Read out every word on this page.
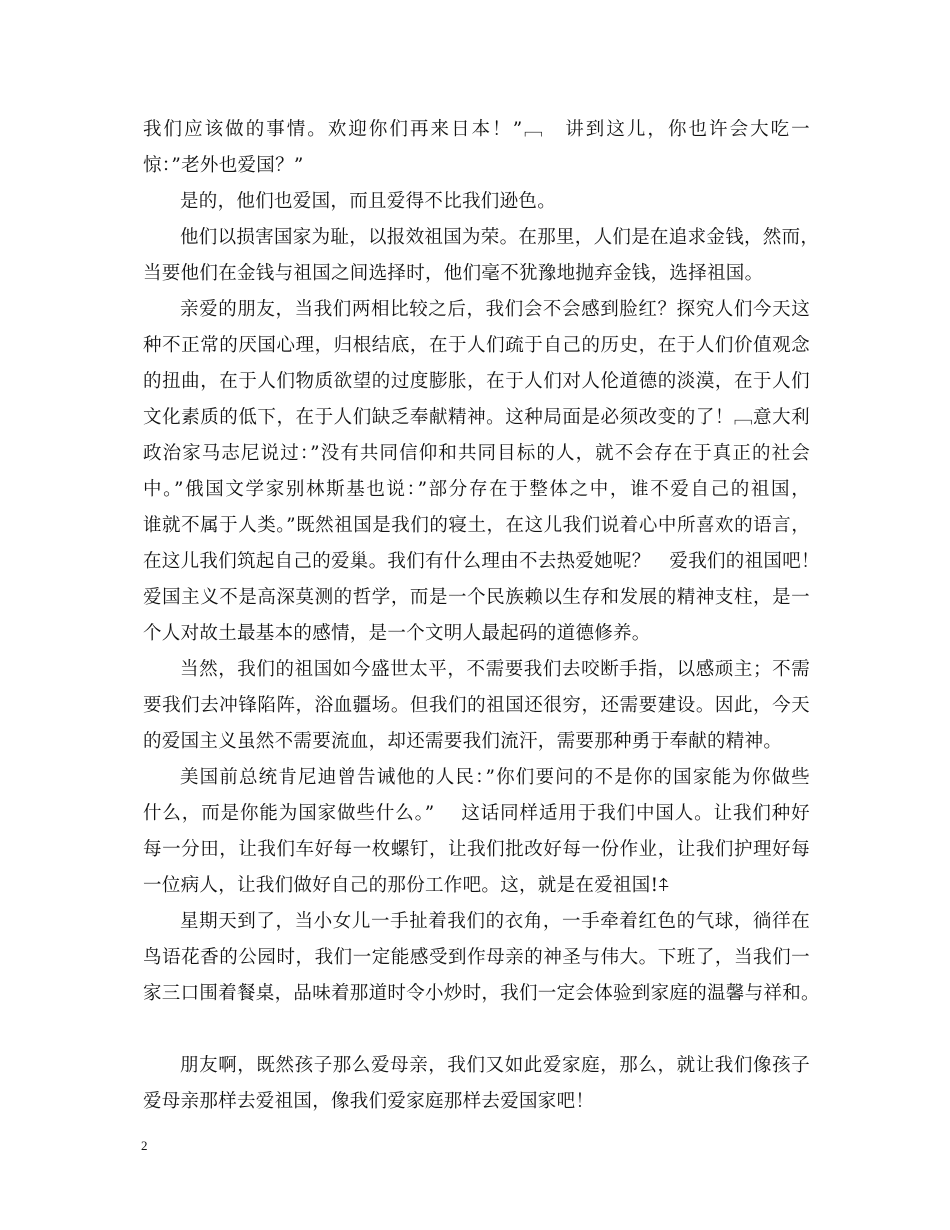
我们应该做的事情。欢迎你们再来日本！”﹇　讲到这儿，你也许会大吃一
惊：”老外也爱国？”
是的，他们也爱国，而且爱得不比我们逊色。
他们以损害国家为耻，以报效祖国为荣。在那里，人们是在追求金钱，然而，
当要他们在金钱与祖国之间选择时，他们毫不犹豫地抛弃金钱，选择祖国。
亲爱的朋友，当我们两相比较之后，我们会不会感到脸红？探究人们今天这
种不正常的厌国心理，归根结底，在于人们疏于自己的历史，在于人们价值观念
的扭曲，在于人们物质欲望的过度膨胀，在于人们对人伦道德的淡漠，在于人们
文化素质的低下，在于人们缺乏奉献精神。这种局面是必须改变的了！﹇意大利
政治家马志尼说过：”没有共同信仰和共同目标的人，就不会存在于真正的社会
中。”俄国文学家别林斯基也说：”部分存在于整体之中，谁不爱自己的祖国，
谁就不属于人类。”既然祖国是我们的寝土，在这儿我们说着心中所喜欢的语言，
在这儿我们筑起自己的爱巢。我们有什么理由不去热爱她呢？　爱我们的祖国吧！
爱国主义不是高深莫测的哲学，而是一个民族赖以生存和发展的精神支柱，是一
个人对故土最基本的感情，是一个文明人最起码的道德修养。
当然，我们的祖国如今盛世太平，不需要我们去咬断手指，以感顽主；不需
要我们去冲锋陷阵，浴血疆场。但我们的祖国还很穷，还需要建设。因此，今天
的爱国主义虽然不需要流血，却还需要我们流汗，需要那种勇于奉献的精神。
美国前总统肯尼迪曾告诫他的人民：”你们要问的不是你的国家能为你做些
什么，而是你能为国家做些什么。”　 这话同样适用于我们中国人。让我们种好
每一分田，让我们车好每一枚螺钉，让我们批改好每一份作业，让我们护理好每
一位病人，让我们做好自己的那份工作吧。这，就是在爱祖国!⍏
星期天到了，当小女儿一手扯着我们的衣角，一手牵着红色的气球，徜徉在
鸟语花香的公园时，我们一定能感受到作母亲的神圣与伟大。下班了，当我们一
家三口围着餐桌，品味着那道时令小炒时，我们一定会体验到家庭的温馨与祥和。
朋友啊，既然孩子那么爱母亲，我们又如此爱家庭，那么，就让我们像孩子
爱母亲那样去爱祖国，像我们爱家庭那样去爱国家吧！
2
